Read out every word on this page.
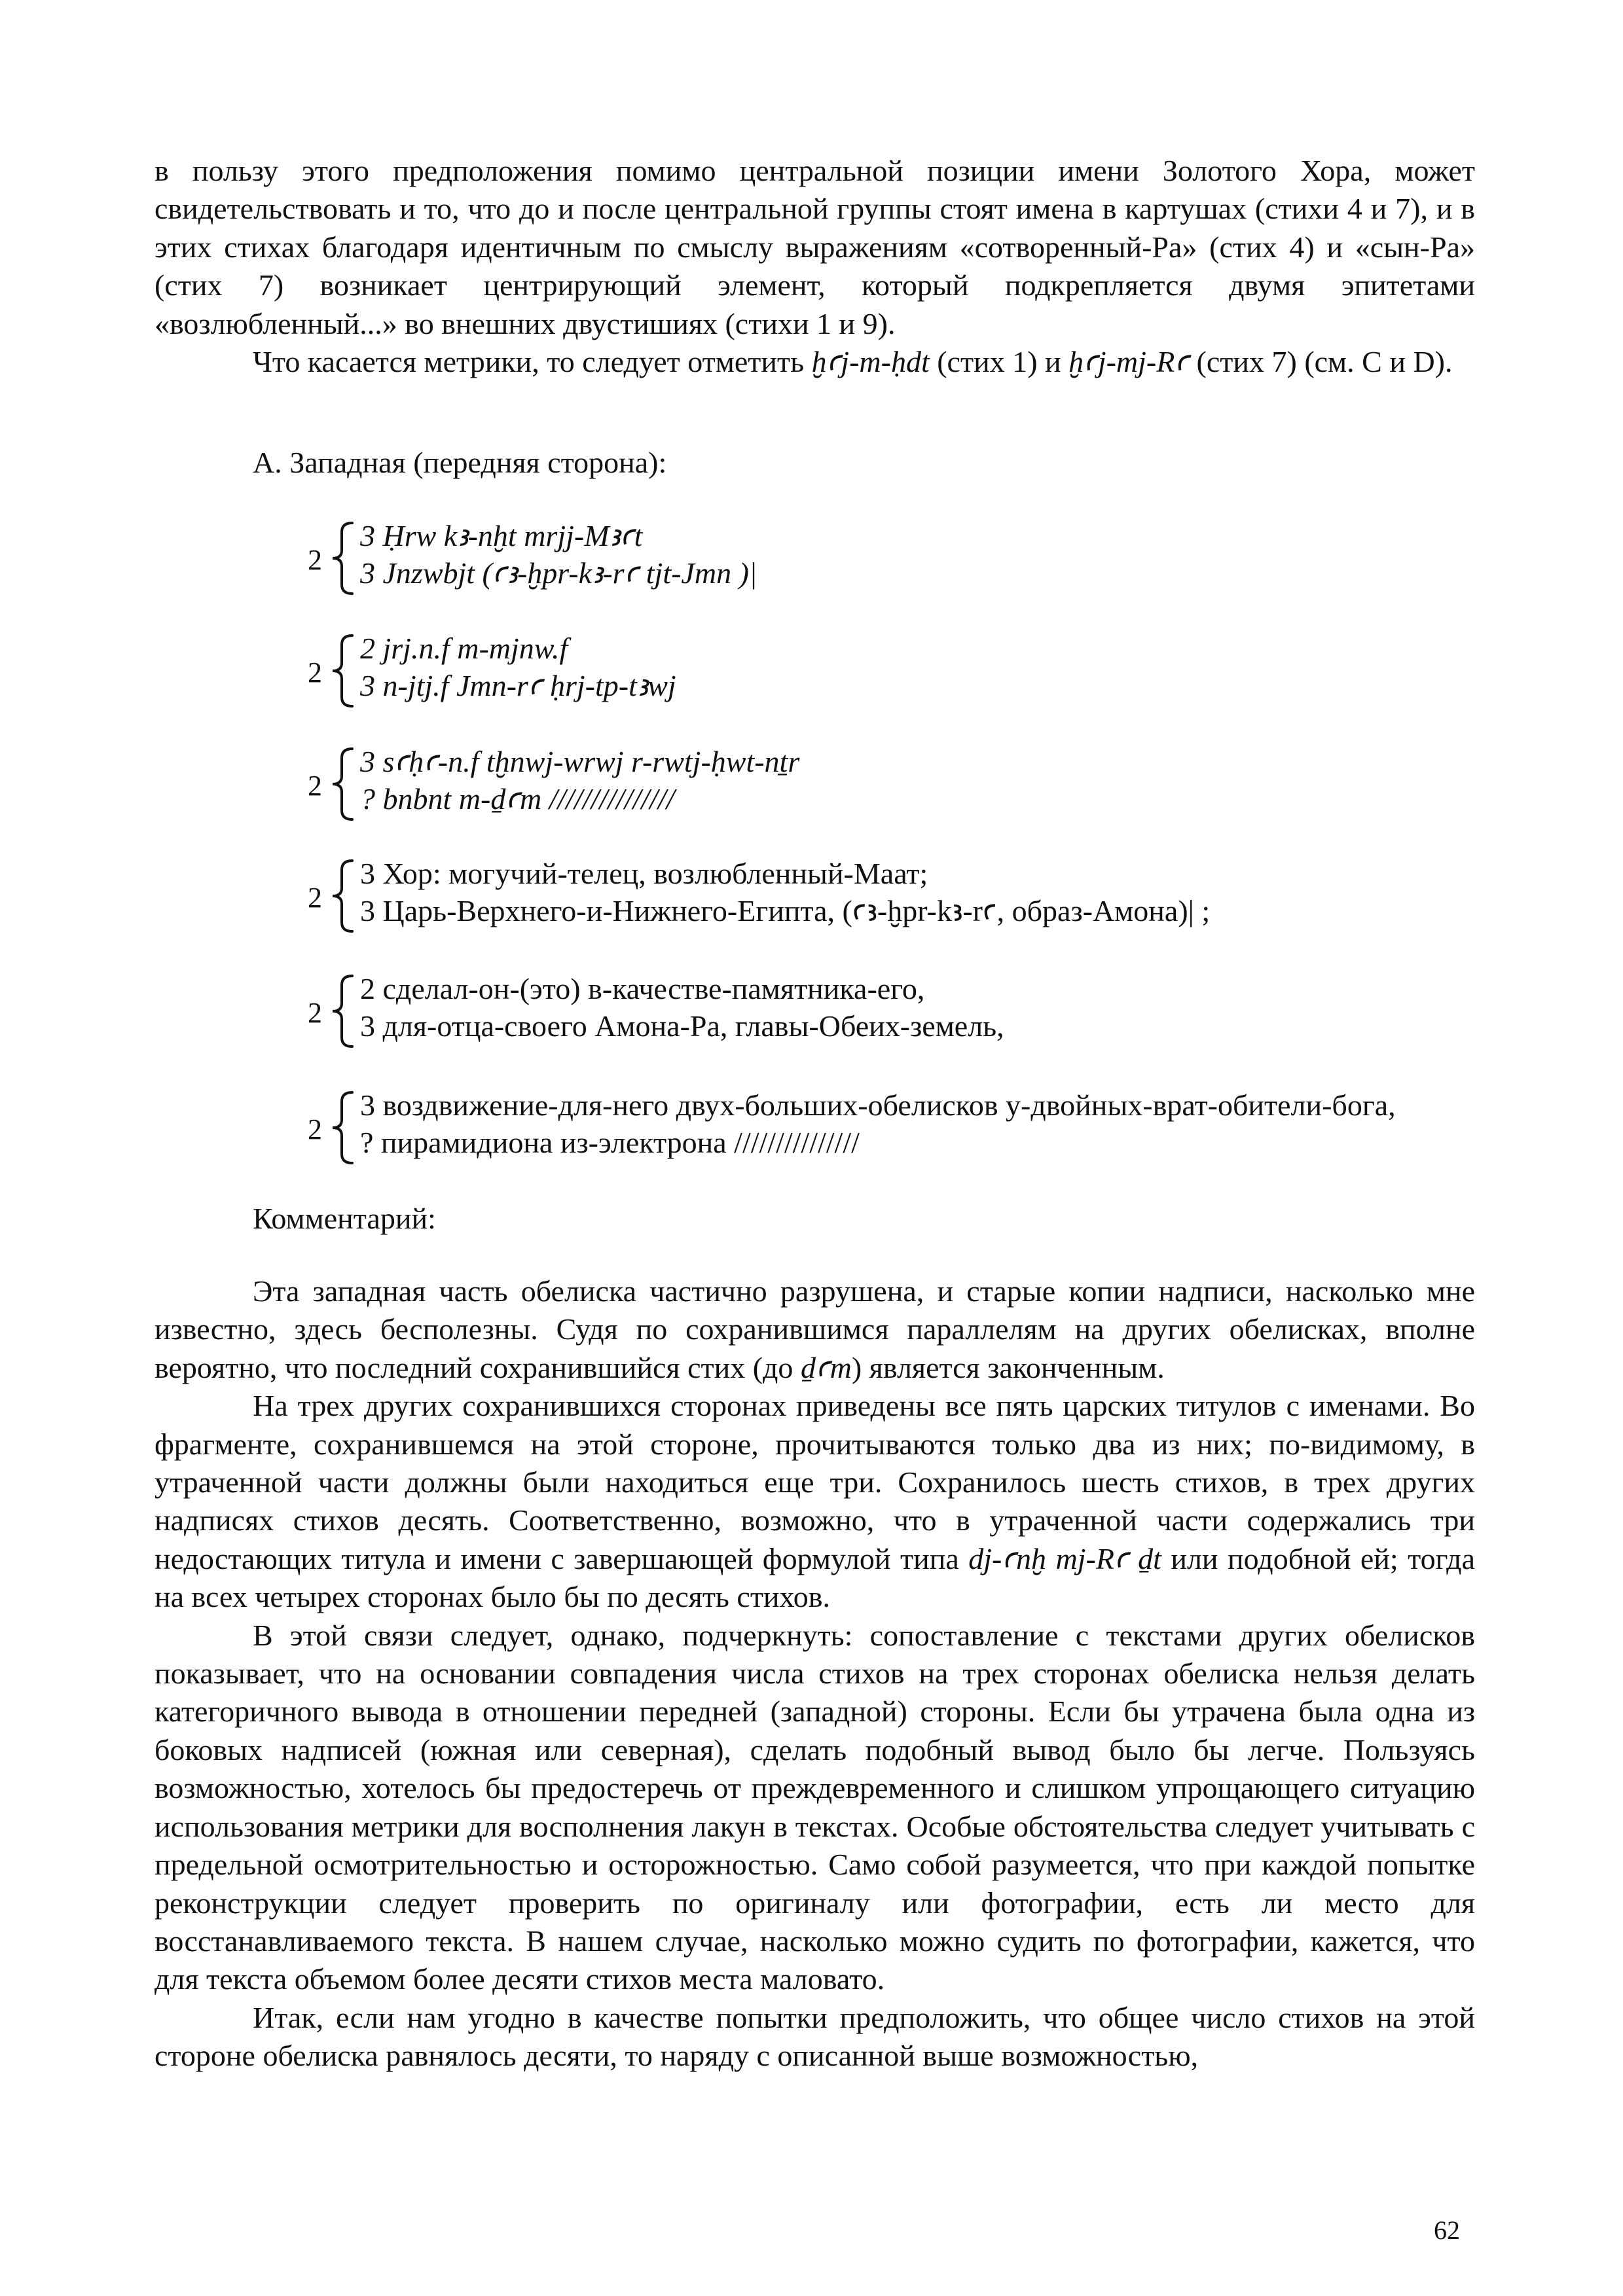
в пользу этого предположения помимо центральной позиции имени Золотого Хора, может свидетельствовать и то, что до и после центральной группы стоят имена в картушах (стихи 4 и 7), и в этих стихах благодаря идентичным по смыслу выражениям «сотворенный-Ра» (стих 4) и «сын-Ра» (стих 7) возникает центрирующий элемент, который подкрепляется двумя эпитетами «возлюбленный...» во внешних двустишиях (стихи 1 и 9).

Что касается метрики, то следует отметить ḫꜥj-m-ḥdt (стих 1) и ḫꜥj-mj-Rꜥ (стих 7) (см. C и D).

A. Западная (передняя сторона):
2
3 Ḥrw kꜣ-nḫt mrjj-Mꜣꜥt
3 Jnzwbjt (ꜥꜣ-ḫpr-kꜣ-rꜥ tjt-Jmn )|
2
2 jrj.n.f m-mjnw.f
3 n-jtj.f Jmn-rꜥ ḥrj-tp-tꜣwj
2
3 sꜥḥꜥ-n.f tḫnwj-wrwj r-rwtj-ḥwt-nṯr
? bnbnt m-ḏꜥm ///////////////
2
3 Хор: могучий-телец, возлюбленный-Маат;
3 Царь-Верхнего-и-Нижнего-Египта, (ꜥꜣ-ḫpr-kꜣ-rꜥ, образ-Амона)| ;
2
2 сделал-он-(это) в-качестве-памятника-его,
3 для-отца-своего Амона-Ра, главы-Обеих-земель,
2
3 воздвижение-для-него двух-больших-обелисков у-двойных-врат-обители-бога,
? пирамидиона из-электрона ///////////////
Комментарий:

Эта западная часть обелиска частично разрушена, и старые копии надписи, насколько мне известно, здесь бесполезны. Судя по сохранившимся параллелям на других обелисках, вполне вероятно, что последний сохранившийся стих (до ḏꜥm) является законченным.

На трех других сохранившихся сторонах приведены все пять царских титулов с именами. Во фрагменте, сохранившемся на этой стороне, прочитываются только два из них; по-видимому, в утраченной части должны были находиться еще три. Сохранилось шесть стихов, в трех других надписях стихов десять. Соответственно, возможно, что в утраченной части содержались три недостающих титула и имени с завершающей формулой типа dj-ꜥnḫ mj-Rꜥ ḏt или подобной ей; тогда на всех четырех сторонах было бы по десять стихов.

В этой связи следует, однако, подчеркнуть: сопоставление с текстами других обелисков показывает, что на основании совпадения числа стихов на трех сторонах обелиска нельзя делать категоричного вывода в отношении передней (западной) стороны. Если бы утрачена была одна из боковых надписей (южная или северная), сделать подобный вывод было бы легче. Пользуясь возможностью, хотелось бы предостеречь от преждевременного и слишком упрощающего ситуацию использования метрики для восполнения лакун в текстах. Особые обстоятельства следует учитывать с предельной осмотрительностью и осторожностью. Само собой разумеется, что при каждой попытке реконструкции следует проверить по оригиналу или фотографии, есть ли место для восстанавливаемого текста. В нашем случае, насколько можно судить по фотографии, кажется, что для текста объемом более десяти стихов места маловато.

Итак, если нам угодно в качестве попытки предположить, что общее число стихов на этой стороне обелиска равнялось десяти, то наряду с описанной выше возможностью,

62
